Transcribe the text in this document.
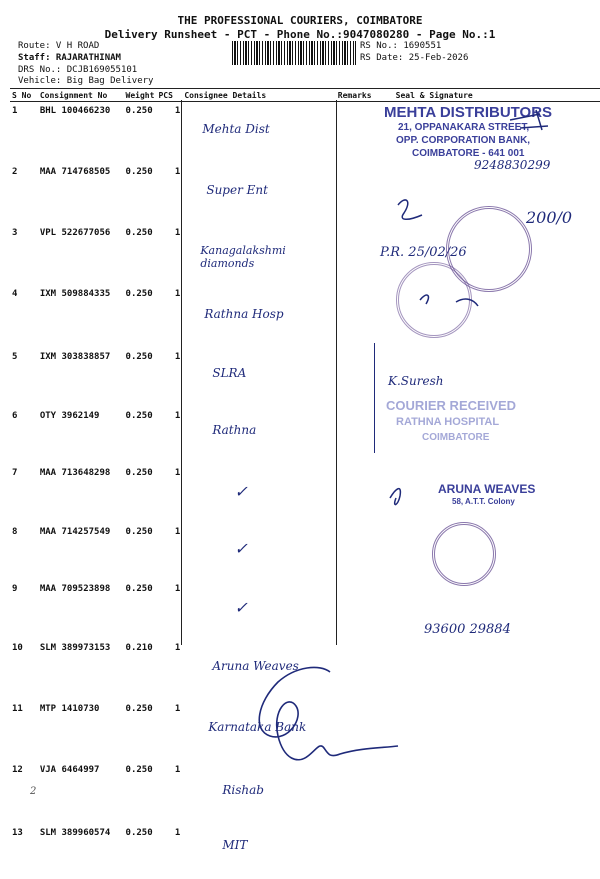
THE PROFESSIONAL COURIERS, COIMBATORE
Delivery Runsheet - PCT - Phone No.:9047080280 - Page No.:1
Route: V H ROAD
Staff: RAJARATHINAM
DRS No.: DCJB169055101
Vehicle: Big Bag Delivery
RS No.: 1690551
RS Date: 25-Feb-2026
S No	Consignment No	Weight	PCS	Consignee Details	Remarks	Seal & Signature
1	BHL 100466230	0.250	1	Mehta Dist		
2	MAA 714768505	0.250	1	Super Ent		
3	VPL 522677056	0.250	1	Kanagalakshmi diamonds		
4	IXM 509884335	0.250	1	Rathna Hosp		
5	IXM 303838857	0.250	1	SLRA		
6	OTY 3962149	0.250	1	Rathna		
7	MAA 713648298	0.250	1	✓		
8	MAA 714257549	0.250	1	✓		
9	MAA 709523898	0.250	1	✓		
10	SLM 389973153	0.210	1	Aruna Weaves		
11	MTP 1410730	0.250	1	Karnataka Bank		
12	VJA 6464997	0.250	1	Rishab		
13	SLM 389960574	0.250	1	MIT		
MEHTA DISTRIBUTORS
21, OPPANAKARA STREET,
OPP. CORPORATION BANK,
COIMBATORE - 641 001
9248830299
200/0
P.R. 25/02/26
K.Suresh
COURIER RECEIVED
RATHNA HOSPITAL
COIMBATORE
ARUNA WEAVES
58, A.T.T. Colony
93600 29884
2
